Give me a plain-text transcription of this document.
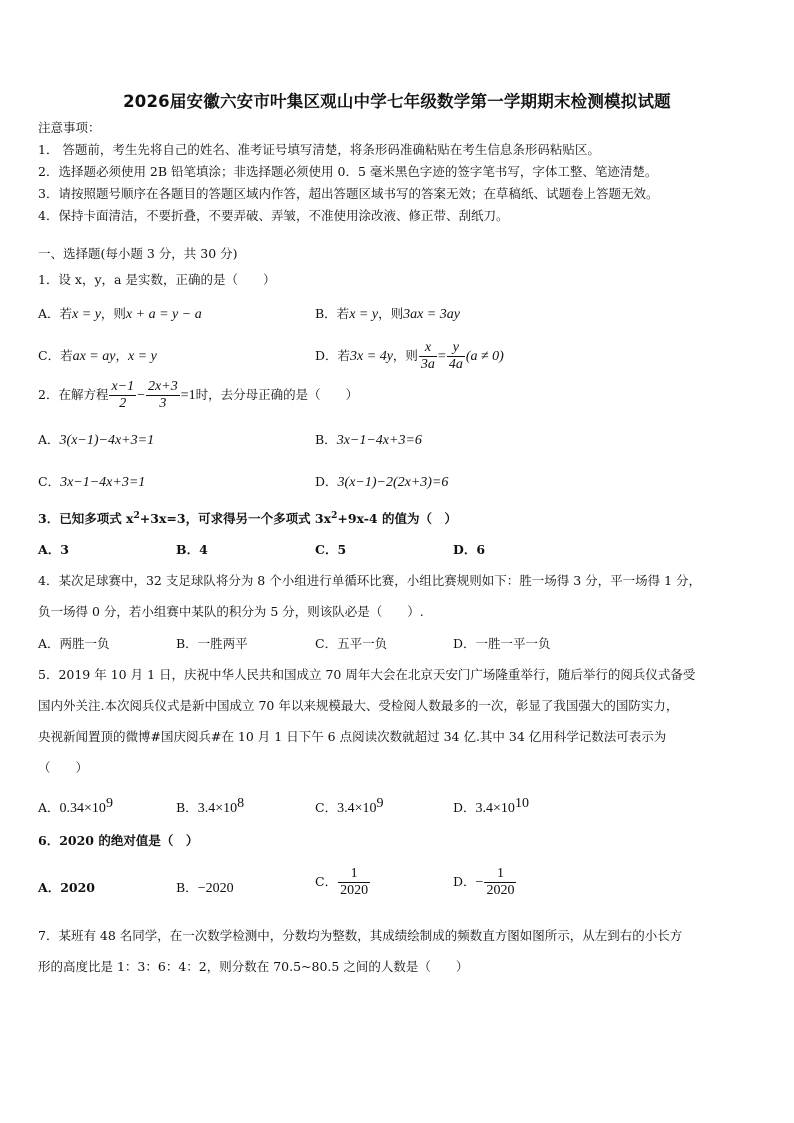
2026届安徽六安市叶集区观山中学七年级数学第一学期期末检测模拟试题
注意事项：
1． 答题前，考生先将自己的姓名、准考证号填写清楚，将条形码准确粘贴在考生信息条形码粘贴区。
2．选择题必须使用 2B 铅笔填涂；非选择题必须使用 0．5 毫米黑色字迹的签字笔书写，字体工整、笔迹清楚。
3．请按照题号顺序在各题目的答题区域内作答，超出答题区域书写的答案无效；在草稿纸、试题卷上答题无效。
4．保持卡面清洁，不要折叠，不要弄破、弄皱，不准使用涂改液、修正带、刮纸刀。
一、选择题(每小题 3 分，共 30 分)
1．设 x，y，a 是实数，正确的是（　　）
A．若x = y，则x + a = y − a	B．若x = y，则3ax = 3ay
C．若ax = ay，x = y	D．若3x = 4y，则 $\frac{x}{3a} = \frac{y}{4a} (a \ne 0)$
2．在解方程 $\frac{x-1}{2} - \frac{2x+3}{3} =1$时，去分母正确的是（　　）
A．3(x−1)−4x+3=1	B．3x−1−4x+3=6
C．3x−1−4x+3=1	D．3(x−1)−2(2x+3)=6
3．已知多项式 $x^2+3x=3$，可求得另一个多项式 $3x^2+9x-4$ 的值为（　）
A．3	B．4	C．5	D．6
4．某次足球赛中，32 支足球队将分为 8 个小组进行单循环比赛，小组比赛规则如下：胜一场得 3 分，平一场得 1 分，
负一场得 0 分，若小组赛中某队的积分为 5 分，则该队必是（　　）.
A．两胜一负	B．一胜两平	C．五平一负	D．一胜一平一负
5．2019 年 10 月 1 日，庆祝中华人民共和国成立 70 周年大会在北京天安门广场隆重举行，随后举行的阅兵仪式备受
国内外关注.本次阅兵仪式是新中国成立 70 年以来规模最大、受检阅人数最多的一次，彰显了我国强大的国防实力，
央视新闻置顶的微博#国庆阅兵#在 10 月 1 日下午 6 点阅读次数就超过 34 亿.其中 34 亿用科学记数法可表示为
（　　）
A．$0.34\times 10^9$	B．$3.4\times 10^8$	C．$3.4\times 10^9$	D．$3.4\times 10^{10}$
6．2020 的绝对值是（　）
A．2020	B．−2020	C． $\frac{1}{2020}$	D．− $\frac{1}{2020}$
7．某班有 48 名同学，在一次数学检测中，分数均为整数，其成绩绘制成的频数直方图如图所示，从左到右的小长方
形的高度比是 1：3：6：4：2，则分数在 70.5~80.5 之间的人数是（　　）
